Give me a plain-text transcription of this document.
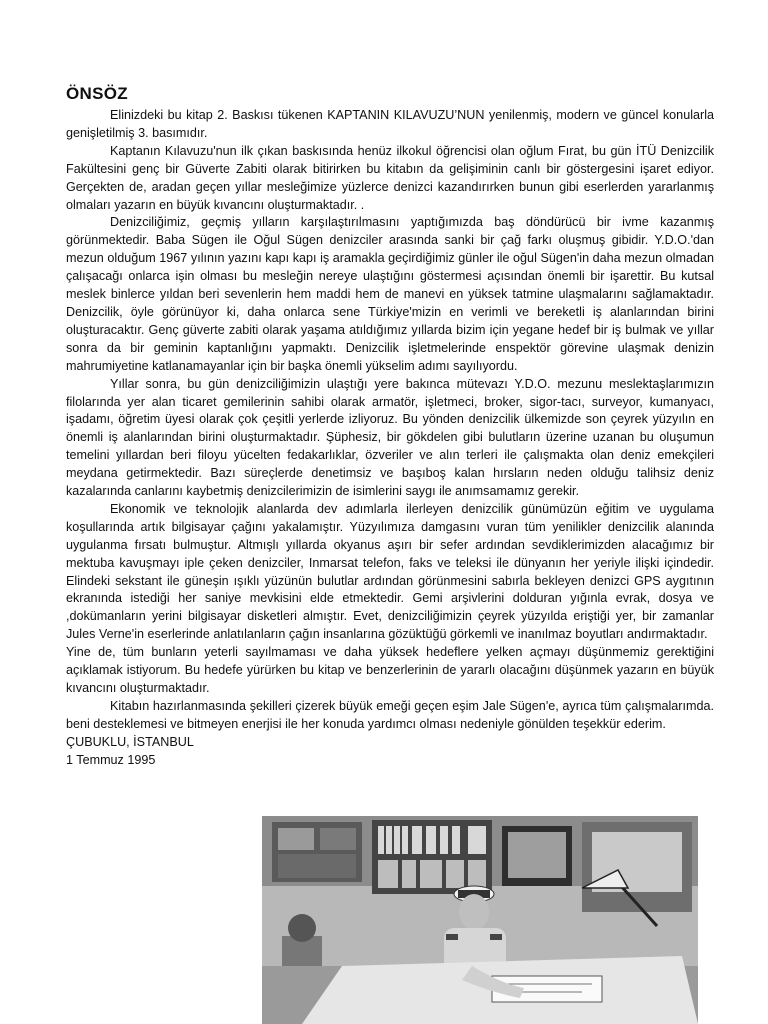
ÖNSÖZ

Elinizdeki bu kitap 2. Baskısı tükenen KAPTANIN KILAVUZU’NUN yenilenmiş, modern ve güncel konularla genişletilmiş 3. basımıdır.

Kaptanın Kılavuzu'nun ilk çıkan baskısında henüz ilkokul öğrencisi olan oğlum Fırat, bu gün İTÜ Denizcilik Fakültesini genç bir Güverte Zabiti olarak bitirirken bu kitabın da gelişiminin canlı bir göstergesini işaret ediyor. Gerçekten de, aradan geçen yıllar mesleğimize yüzlerce denizci kazandırırken bunun gibi eserlerden yararlanmış olmaları yazarın en büyük kıvancını oluşturmaktadır. .

Denizciliğimiz, geçmiş yılların karşılaştırılmasını yaptığımızda baş döndürücü bir ivme kazanmış görünmektedir. Baba Sügen ile Oğul Sügen denizciler arasında sanki bir çağ farkı oluşmuş gibidir. Y.D.O.'dan mezun olduğum 1967 yılının yazını kapı kapı iş aramakla geçirdiğimiz günler ile oğul Sügen'in daha mezun olmadan çalışacağı onlarca işin olması bu mesleğin nereye ulaştığını göstermesi açısından önemli bir işarettir. Bu kutsal meslek binlerce yıldan beri sevenlerin hem maddi hem de manevi en yüksek tatmine ulaşmalarını sağlamaktadır. Denizcilik, öyle görünüyor ki, daha onlarca sene Türkiye'mizin en verimli ve bereketli iş alanlarından birini oluşturacaktır. Genç güverte zabiti olarak yaşama atıldığımız yıllarda bizim için yegane hedef bir iş bulmak ve yıllar sonra da bir geminin kaptanlığını yapmaktı. Denizcilik işletmelerinde enspektör görevine ulaşmak denizin mahrumiyetine katlanamayanlar için bir başka önemli yükselim adımı sayılıyordu.

Yıllar sonra, bu gün denizciliğimizin ulaştığı yere bakınca mütevazı Y.D.O. mezunu meslektaşlarımızın filolarında yer alan ticaret gemilerinin sahibi olarak armatör, işletmeci, broker, sigor-tacı, surveyor, kumanyacı, işadamı, öğretim üyesi olarak çok çeşitli yerlerde izliyoruz. Bu yönden denizcilik ülkemizde son çeyrek yüzyılın en önemli iş alanlarından birini oluşturmaktadır. Şüphesiz, bir gökdelen gibi bulutların üzerine uzanan bu oluşumun temelini yıllardan beri filoyu yücelten fedakarlıklar, özveriler ve alın terleri ile çalışmakta olan deniz emekçileri meydana getirmektedir. Bazı süreçlerde denetimsiz ve başıboş kalan hırsların neden olduğu talihsiz deniz kazalarında canlarını kaybetmiş denizcilerimizin de isimlerini saygı ile anımsamamız gerekir.

Ekonomik ve teknolojik alanlarda dev adımlarla ilerleyen denizcilik günümüzün eğitim ve uygulama koşullarında artık bilgisayar çağını yakalamıştır. Yüzyılımıza damgasını vuran tüm yenilikler denizcilik alanında uygulanma fırsatı bulmuştur. Altmışlı yıllarda okyanus aşırı bir sefer ardından sevdiklerimizden alacağımız bir mektuba kavuşmayı iple çeken denizciler, Inmarsat telefon, faks ve teleksi ile dünyanın her yeriyle ilişki içindedir. Elindeki sekstant ile güneşin ışıklı yüzünün bulutlar ardından görünmesini sabırla bekleyen denizci GPS aygıtının ekranında istediği her saniye mevkisini elde etmektedir. Gemi arşivlerini dolduran yığınla evrak, dosya ve ,dokümanların yerini bilgisayar disketleri almıştır. Evet, denizciliğimizin çeyrek yüzyılda eriştiği yer, bir zamanlar Jules Verne'in eserlerinde anlatılanların çağın insanlarına gözüktüğü görkemli ve inanılmaz boyutları andırmaktadır.

Yine de, tüm bunların yeterli sayılmaması ve daha yüksek hedeflere yelken açmayı düşünmemiz gerektiğini açıklamak istiyorum. Bu hedefe yürürken bu kitap ve benzerlerinin de yararlı olacağını düşünmek yazarın en büyük kıvancını oluşturmaktadır.

Kitabın hazırlanmasında şekilleri çizerek büyük emeği geçen eşim Jale Sügen'e, ayrıca tüm çalışmalarımda. beni desteklemesi ve bitmeyen enerjisi ile her konuda yardımcı olması nedeniyle gönülden teşekkür ederim.

ÇUBUKLU, İSTANBUL

1 Temmuz 1995
